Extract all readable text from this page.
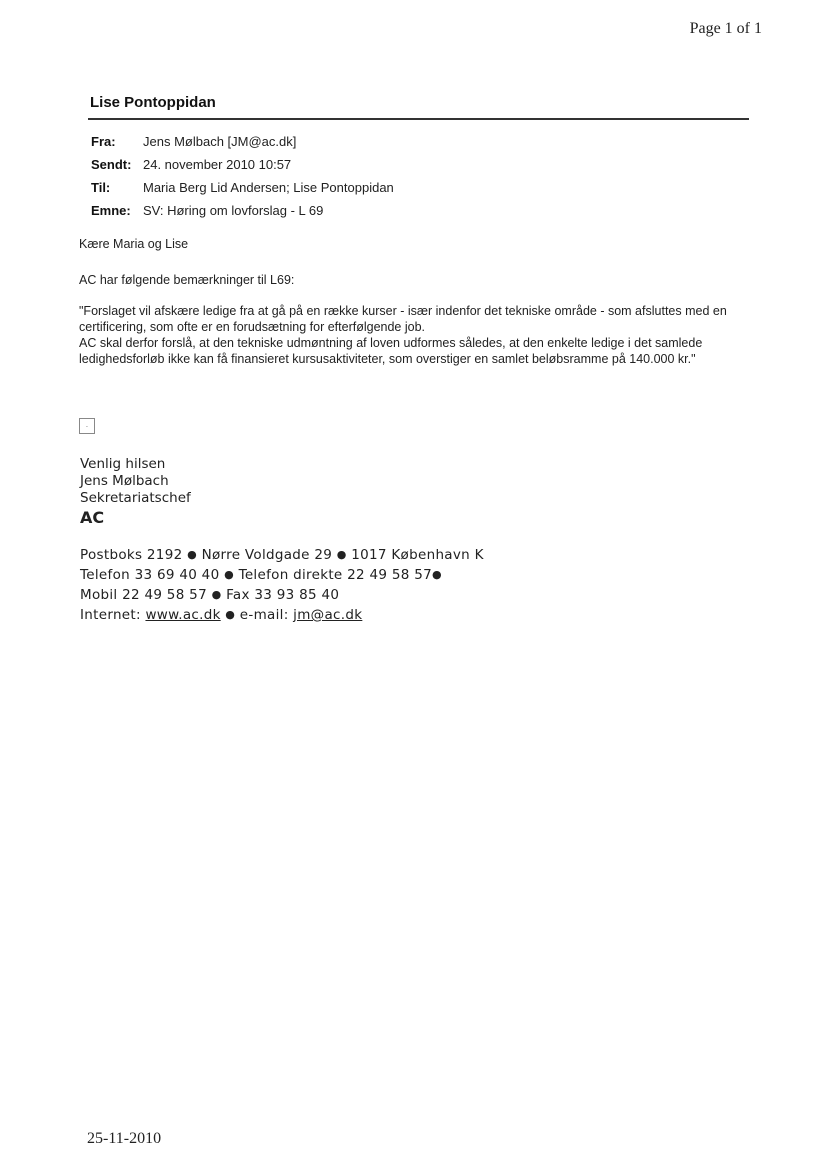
Page 1 of 1
Lise Pontoppidan
Fra:	Jens Mølbach [JM@ac.dk]
Sendt: 24. november 2010 10:57
Til:	Maria Berg Lid Andersen; Lise Pontoppidan
Emne: SV: Høring om lovforslag - L 69
Kære Maria og Lise
AC har følgende bemærkninger til L69:

"Forslaget vil afskære ledige fra at gå på en række kurser - især indenfor det tekniske område - som afsluttes med en certificering, som ofte er en forudsætning for efterfølgende job.

AC skal derfor forslå, at den tekniske udmøntning af loven udformes således, at den enkelte ledige i det samlede ledighedsforløb ikke kan få finansieret kursusaktiviteter, som overstiger en samlet beløbsramme på 140.000 kr."

·
Venlig hilsen
Jens Mølbach
Sekretariatschef
AC
Postboks 2192 ● Nørre Voldgade 29 ● 1017 København K
Telefon 33 69 40 40 ● Telefon direkte 22 49 58 57●
Mobil 22 49 58 57 ● Fax 33 93 85 40
Internet: www.ac.dk ● e-mail: jm@ac.dk
25-11-2010
